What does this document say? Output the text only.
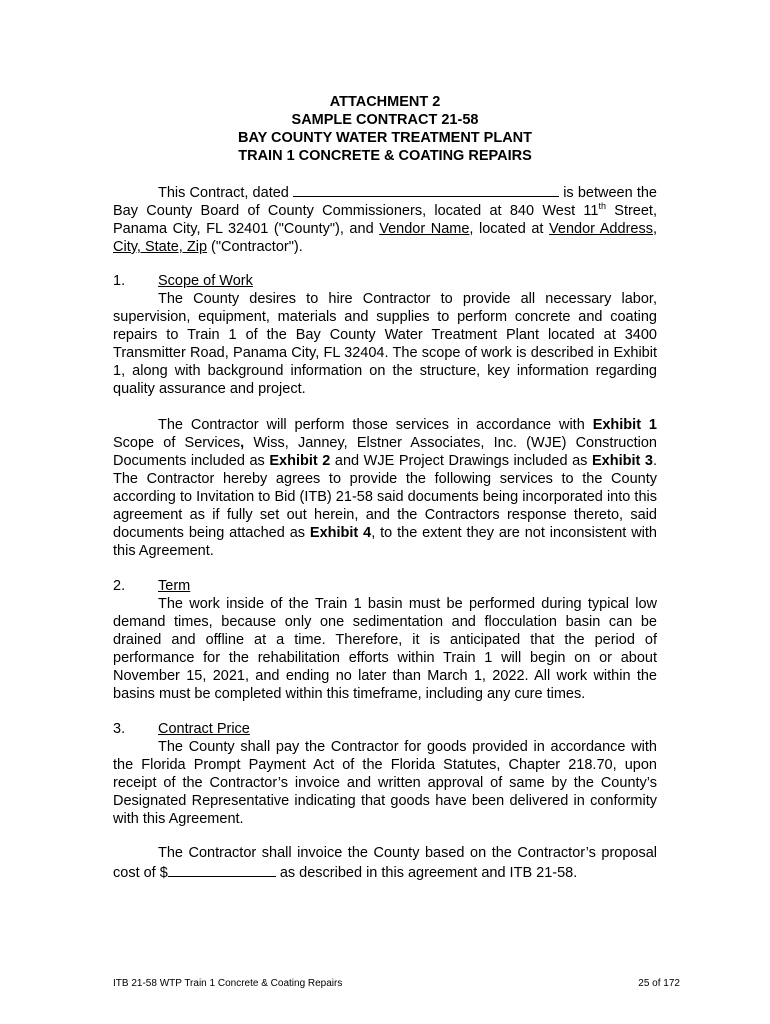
ATTACHMENT 2
SAMPLE CONTRACT 21-58
BAY COUNTY WATER TREATMENT PLANT
TRAIN 1 CONCRETE & COATING REPAIRS
This Contract, dated	is between the Bay County Board of County Commissioners, located at 840 West 11th Street, Panama City, FL 32401 ("County"), and Vendor Name, located at Vendor Address, City, State, Zip ("Contractor").
1. Scope of Work
The County desires to hire Contractor to provide all necessary labor, supervision, equipment, materials and supplies to perform concrete and coating repairs to Train 1 of the Bay County Water Treatment Plant located at 3400 Transmitter Road, Panama City, FL 32404. The scope of work is described in Exhibit 1, along with background information on the structure, key information regarding quality assurance and project.
The Contractor will perform those services in accordance with Exhibit 1 Scope of Services, Wiss, Janney, Elstner Associates, Inc. (WJE) Construction Documents included as Exhibit 2 and WJE Project Drawings included as Exhibit 3. The Contractor hereby agrees to provide the following services to the County according to Invitation to Bid (ITB) 21-58 said documents being incorporated into this agreement as if fully set out herein, and the Contractors response thereto, said documents being attached as Exhibit 4, to the extent they are not inconsistent with this Agreement.
2. Term
The work inside of the Train 1 basin must be performed during typical low demand times, because only one sedimentation and flocculation basin can be drained and offline at a time. Therefore, it is anticipated that the period of performance for the rehabilitation efforts within Train 1 will begin on or about November 15, 2021, and ending no later than March 1, 2022. All work within the basins must be completed within this timeframe, including any cure times.
3. Contract Price
The County shall pay the Contractor for goods provided in accordance with the Florida Prompt Payment Act of the Florida Statutes, Chapter 218.70, upon receipt of the Contractor’s invoice and written approval of same by the County’s Designated Representative indicating that goods have been delivered in conformity with this Agreement.
The Contractor shall invoice the County based on the Contractor’s proposal cost of $	as described in this agreement and ITB 21-58.
ITB 21-58 WTP Train 1 Concrete & Coating Repairs	25 of 172
